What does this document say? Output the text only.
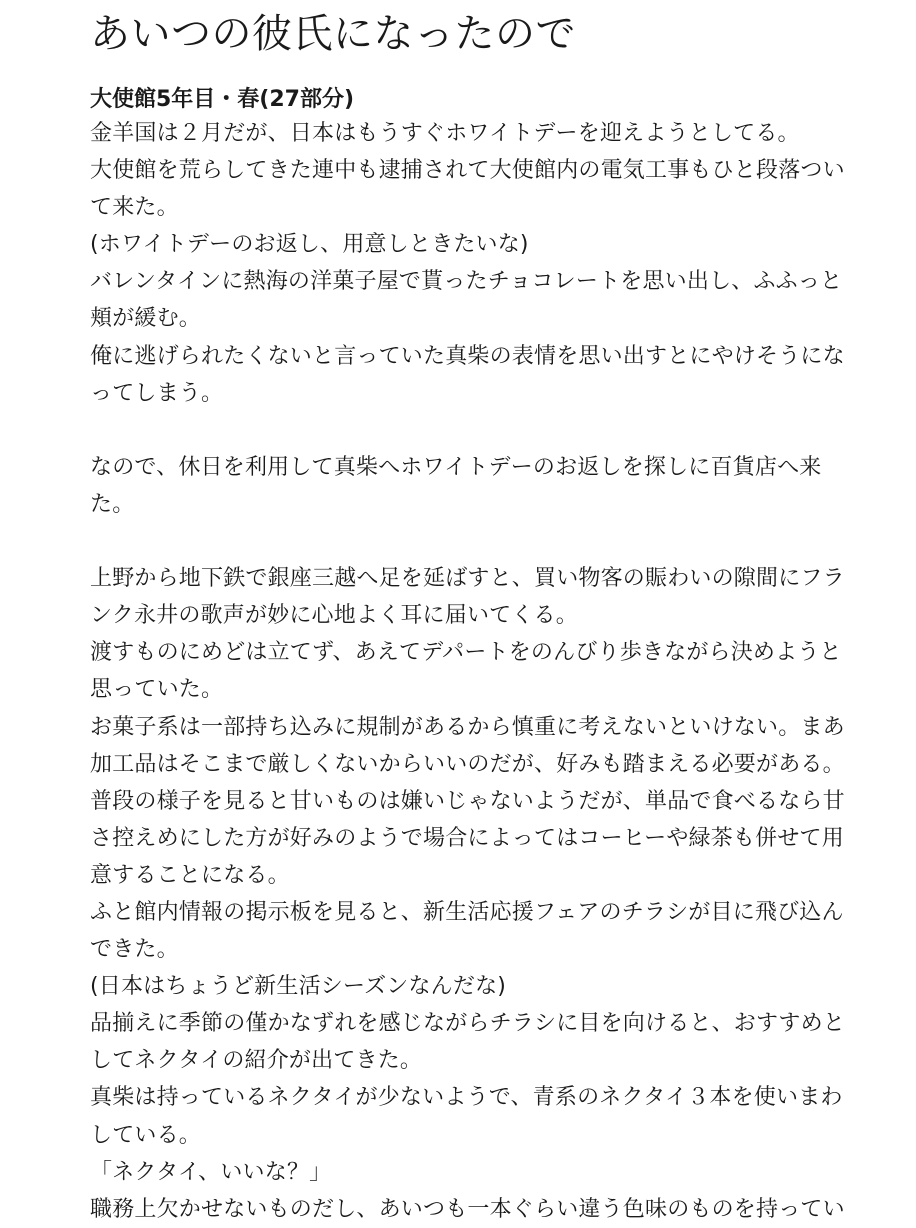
あいつの彼氏になったので
大使館5年目・春(27部分)
金羊国は２月だが、日本はもうすぐホワイトデーを迎えようとしてる。
大使館を荒らしてきた連中も逮捕されて大使館内の電気工事もひと段落つい
て来た。
(ホワイトデーのお返し、用意しときたいな)
バレンタインに熱海の洋菓子屋で貰ったチョコレートを思い出し、ふふっと
頬が緩む。
俺に逃げられたくないと言っていた真柴の表情を思い出すとにやけそうにな
ってしまう。

なので、休日を利用して真柴へホワイトデーのお返しを探しに百貨店へ来
た。

上野から地下鉄で銀座三越へ足を延ばすと、買い物客の賑わいの隙間にフラ
ンク永井の歌声が妙に心地よく耳に届いてくる。
渡すものにめどは立てず、あえてデパートをのんびり歩きながら決めようと
思っていた。
お菓子系は一部持ち込みに規制があるから慎重に考えないといけない。まあ
加工品はそこまで厳しくないからいいのだが、好みも踏まえる必要がある。
普段の様子を見ると甘いものは嫌いじゃないようだが、単品で食べるなら甘
さ控えめにした方が好みのようで場合によってはコーヒーや緑茶も併せて用
意することになる。
ふと館内情報の掲示板を見ると、新生活応援フェアのチラシが目に飛び込ん
できた。
(日本はちょうど新生活シーズンなんだな)
品揃えに季節の僅かなずれを感じながらチラシに目を向けると、おすすめと
してネクタイの紹介が出てきた。
真柴は持っているネクタイが少ないようで、青系のネクタイ３本を使いまわ
している。
「ネクタイ、いいな？」
職務上欠かせないものだし、あいつも一本ぐらい違う色味のものを持ってい
